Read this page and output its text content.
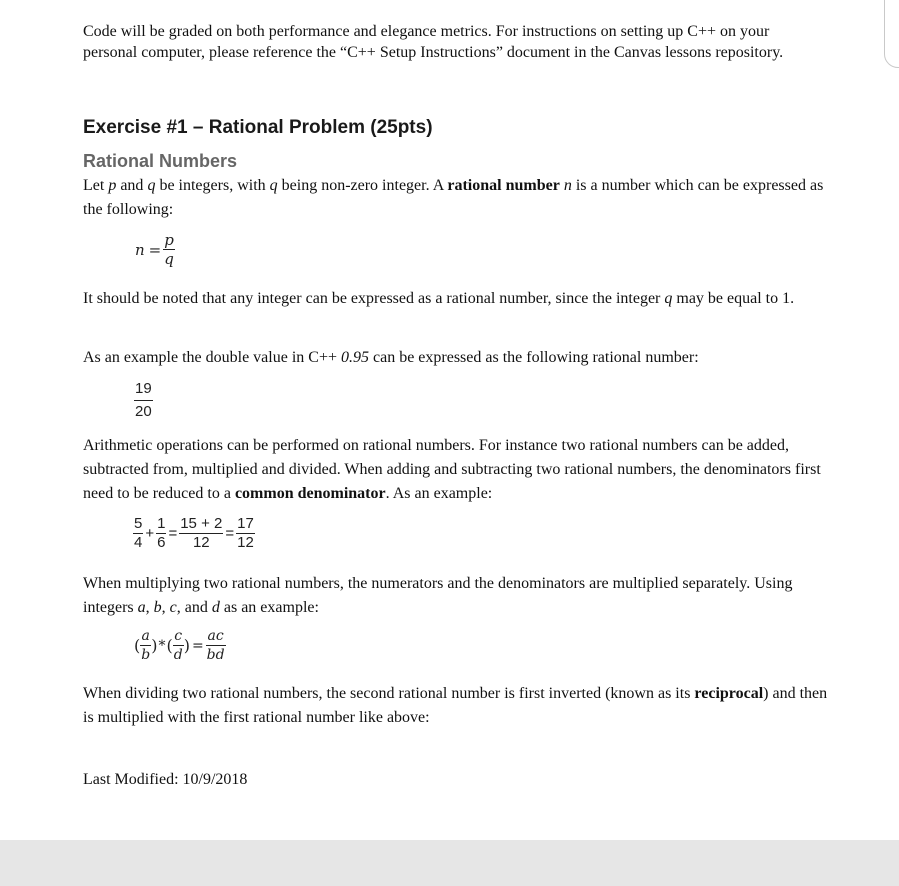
Code will be graded on both performance and elegance metrics. For instructions on setting up C++ on your personal computer, please reference the “C++ Setup Instructions” document in the Canvas lessons repository.

Exercise #1 – Rational Problem (25pts)
Rational Numbers

Let p and q be integers, with q being non-zero integer. A rational number n is a number which can be expressed as the following:

$n = \frac{p}{q}$

It should be noted that any integer can be expressed as a rational number, since the integer q may be equal to 1.

As an example the double value in C++ 0.95 can be expressed as the following rational number:

$\frac{19}{20}$

Arithmetic operations can be performed on rational numbers. For instance two rational numbers can be added, subtracted from, multiplied and divided. When adding and subtracting two rational numbers, the denominators first need to be reduced to a common denominator. As an example:

$\frac{5}{4} + \frac{1}{6} = \frac{15 + 2}{12} = \frac{17}{12}$

When multiplying two rational numbers, the numerators and the denominators are multiplied separately. Using integers a, b, c, and d as an example:

( $\frac{a}{b}$ )*( $\frac{c}{d}$ ) = $\frac{ac}{bd}$

When dividing two rational numbers, the second rational number is first inverted (known as its reciprocal) and then is multiplied with the first rational number like above:

Last Modified: 10/9/2018
